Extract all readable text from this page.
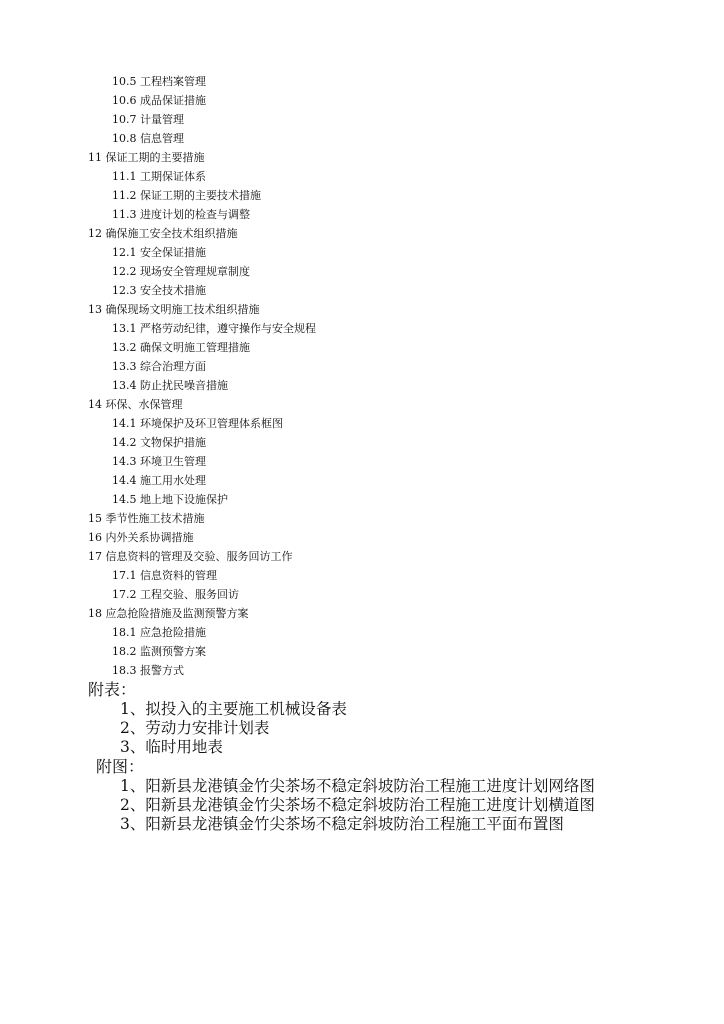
10.5 工程档案管理
10.6 成品保证措施
10.7 计量管理
10.8 信息管理
11 保证工期的主要措施
11.1 工期保证体系
11.2 保证工期的主要技术措施
11.3 进度计划的检查与调整
12 确保施工安全技术组织措施
12.1 安全保证措施
12.2 现场安全管理规章制度
12.3 安全技术措施
13 确保现场文明施工技术组织措施
13.1 严格劳动纪律，遵守操作与安全规程
13.2 确保文明施工管理措施
13.3 综合治理方面
13.4 防止扰民噪音措施
14 环保、水保管理
14.1 环境保护及环卫管理体系框图
14.2 文物保护措施
14.3 环境卫生管理
14.4 施工用水处理
14.5 地上地下设施保护
15 季节性施工技术措施
16 内外关系协调措施
17 信息资料的管理及交验、服务回访工作
17.1 信息资料的管理
17.2 工程交验、服务回访
18 应急抢险措施及监测预警方案
18.1 应急抢险措施
18.2 监测预警方案
18.3 报警方式
附表：
1、拟投入的主要施工机械设备表
2、劳动力安排计划表
3、临时用地表
附图：
1、阳新县龙港镇金竹尖茶场不稳定斜坡防治工程施工进度计划网络图
2、阳新县龙港镇金竹尖茶场不稳定斜坡防治工程施工进度计划横道图
3、阳新县龙港镇金竹尖茶场不稳定斜坡防治工程施工平面布置图
